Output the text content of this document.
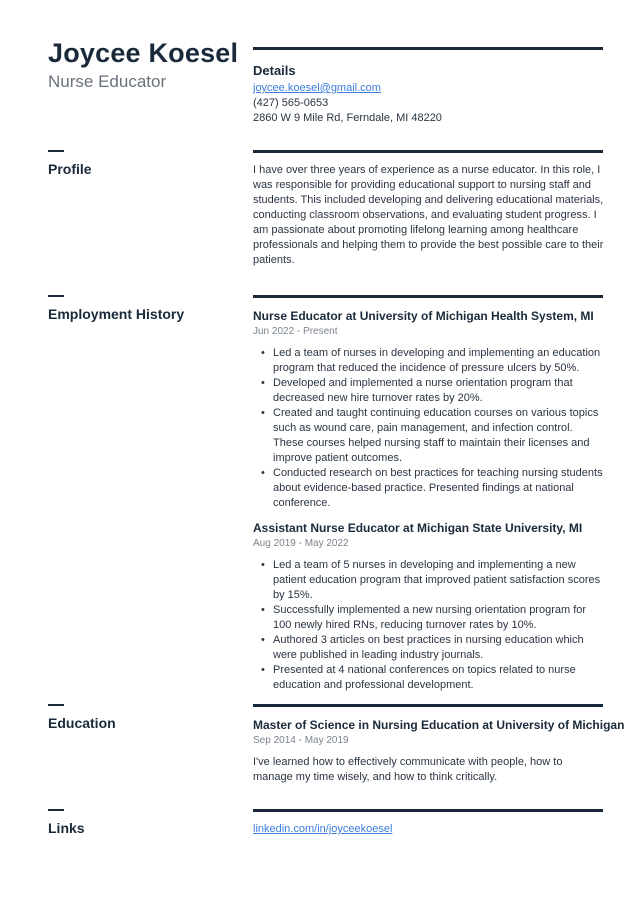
Joycee Koesel
Nurse Educator
Details
joycee.koesel@gmail.com
(427) 565-0653
2860 W 9 Mile Rd, Ferndale, MI 48220
Profile	I have over three years of experience as a nurse educator. In this role, I was responsible for providing educational support to nursing staff and students. This included developing and delivering educational materials, conducting classroom observations, and evaluating student progress. I am passionate about promoting lifelong learning among healthcare professionals and helping them to provide the best possible care to their patients.

Employment History	Nurse Educator at University of Michigan Health System, MI
Jun 2022 - Present
• Led a team of nurses in developing and implementing an education program that reduced the incidence of pressure ulcers by 50%.
• Developed and implemented a nurse orientation program that decreased new hire turnover rates by 20%.
• Created and taught continuing education courses on various topics such as wound care, pain management, and infection control. These courses helped nursing staff to maintain their licenses and improve patient outcomes.
• Conducted research on best practices for teaching nursing students about evidence-based practice. Presented findings at national conference.
Assistant Nurse Educator at Michigan State University, MI
Aug 2019 - May 2022
• Led a team of 5 nurses in developing and implementing a new patient education program that improved patient satisfaction scores by 15%.
• Successfully implemented a new nursing orientation program for 100 newly hired RNs, reducing turnover rates by 10%.
• Authored 3 articles on best practices in nursing education which were published in leading industry journals.
• Presented at 4 national conferences on topics related to nurse education and professional development.
Education	Master of Science in Nursing Education at University of Michigan
Sep 2014 - May 2019

I've learned how to effectively communicate with people, how to manage my time wisely, and how to think critically.

Links	linkedin.com/in/joyceekoesel
